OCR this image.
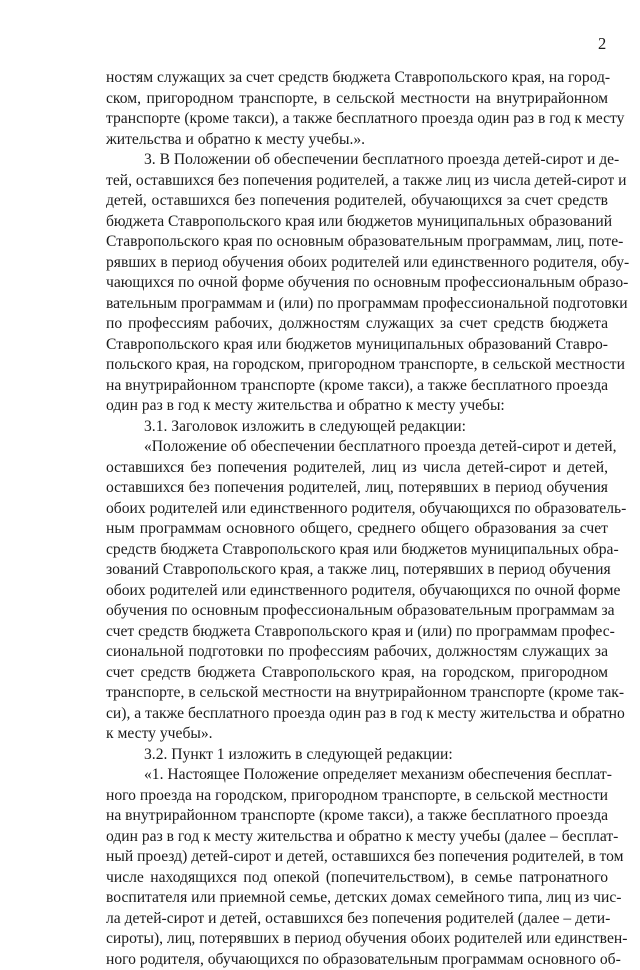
2
ностям служащих за счет средств бюджета Ставропольского края, на город-
ском, пригородном транспорте, в сельской местности на внутрирайонном
транспорте (кроме такси), а также бесплатного проезда один раз в год к месту
жительства и обратно к месту учебы.».
3. В Положении об обеспечении бесплатного проезда детей-сирот и де-
тей, оставшихся без попечения родителей, а также лиц из числа детей-сирот и
детей, оставшихся без попечения родителей, обучающихся за счет средств
бюджета Ставропольского края или бюджетов муниципальных образований
Ставропольского края по основным образовательным программам, лиц, поте-
рявших в период обучения обоих родителей или единственного родителя, обу-
чающихся по очной форме обучения по основным профессиональным образо-
вательным программам и (или) по программам профессиональной подготовки
по профессиям рабочих, должностям служащих за счет средств бюджета
Ставропольского края или бюджетов муниципальных образований Ставро-
польского края, на городском, пригородном транспорте, в сельской местности
на внутрирайонном транспорте (кроме такси), а также бесплатного проезда
один раз в год к месту жительства и обратно к месту учебы:
3.1. Заголовок изложить в следующей редакции:
«Положение об обеспечении бесплатного проезда детей-сирот и детей,
оставшихся без попечения родителей, лиц из числа детей-сирот и детей,
оставшихся без попечения родителей, лиц, потерявших в период обучения
обоих родителей или единственного родителя, обучающихся по образователь-
ным программам основного общего, среднего общего образования за счет
средств бюджета Ставропольского края или бюджетов муниципальных обра-
зований Ставропольского края, а также лиц, потерявших в период обучения
обоих родителей или единственного родителя, обучающихся по очной форме
обучения по основным профессиональным образовательным программам за
счет средств бюджета Ставропольского края и (или) по программам профес-
сиональной подготовки по профессиям рабочих, должностям служащих за
счет средств бюджета Ставропольского края, на городском, пригородном
транспорте, в сельской местности на внутрирайонном транспорте (кроме так-
си), а также бесплатного проезда один раз в год к месту жительства и обратно
к месту учебы».
3.2. Пункт 1 изложить в следующей редакции:
«1. Настоящее Положение определяет механизм обеспечения бесплат-
ного проезда на городском, пригородном транспорте, в сельской местности
на внутрирайонном транспорте (кроме такси), а также бесплатного проезда
один раз в год к месту жительства и обратно к месту учебы (далее – бесплат-
ный проезд) детей-сирот и детей, оставшихся без попечения родителей, в том
числе находящихся под опекой (попечительством), в семье патронатного
воспитателя или приемной семье, детских домах семейного типа, лиц из чис-
ла детей-сирот и детей, оставшихся без попечения родителей (далее – дети-
сироты), лиц, потерявших в период обучения обоих родителей или единствен-
ного родителя, обучающихся по образовательным программам основного об-
